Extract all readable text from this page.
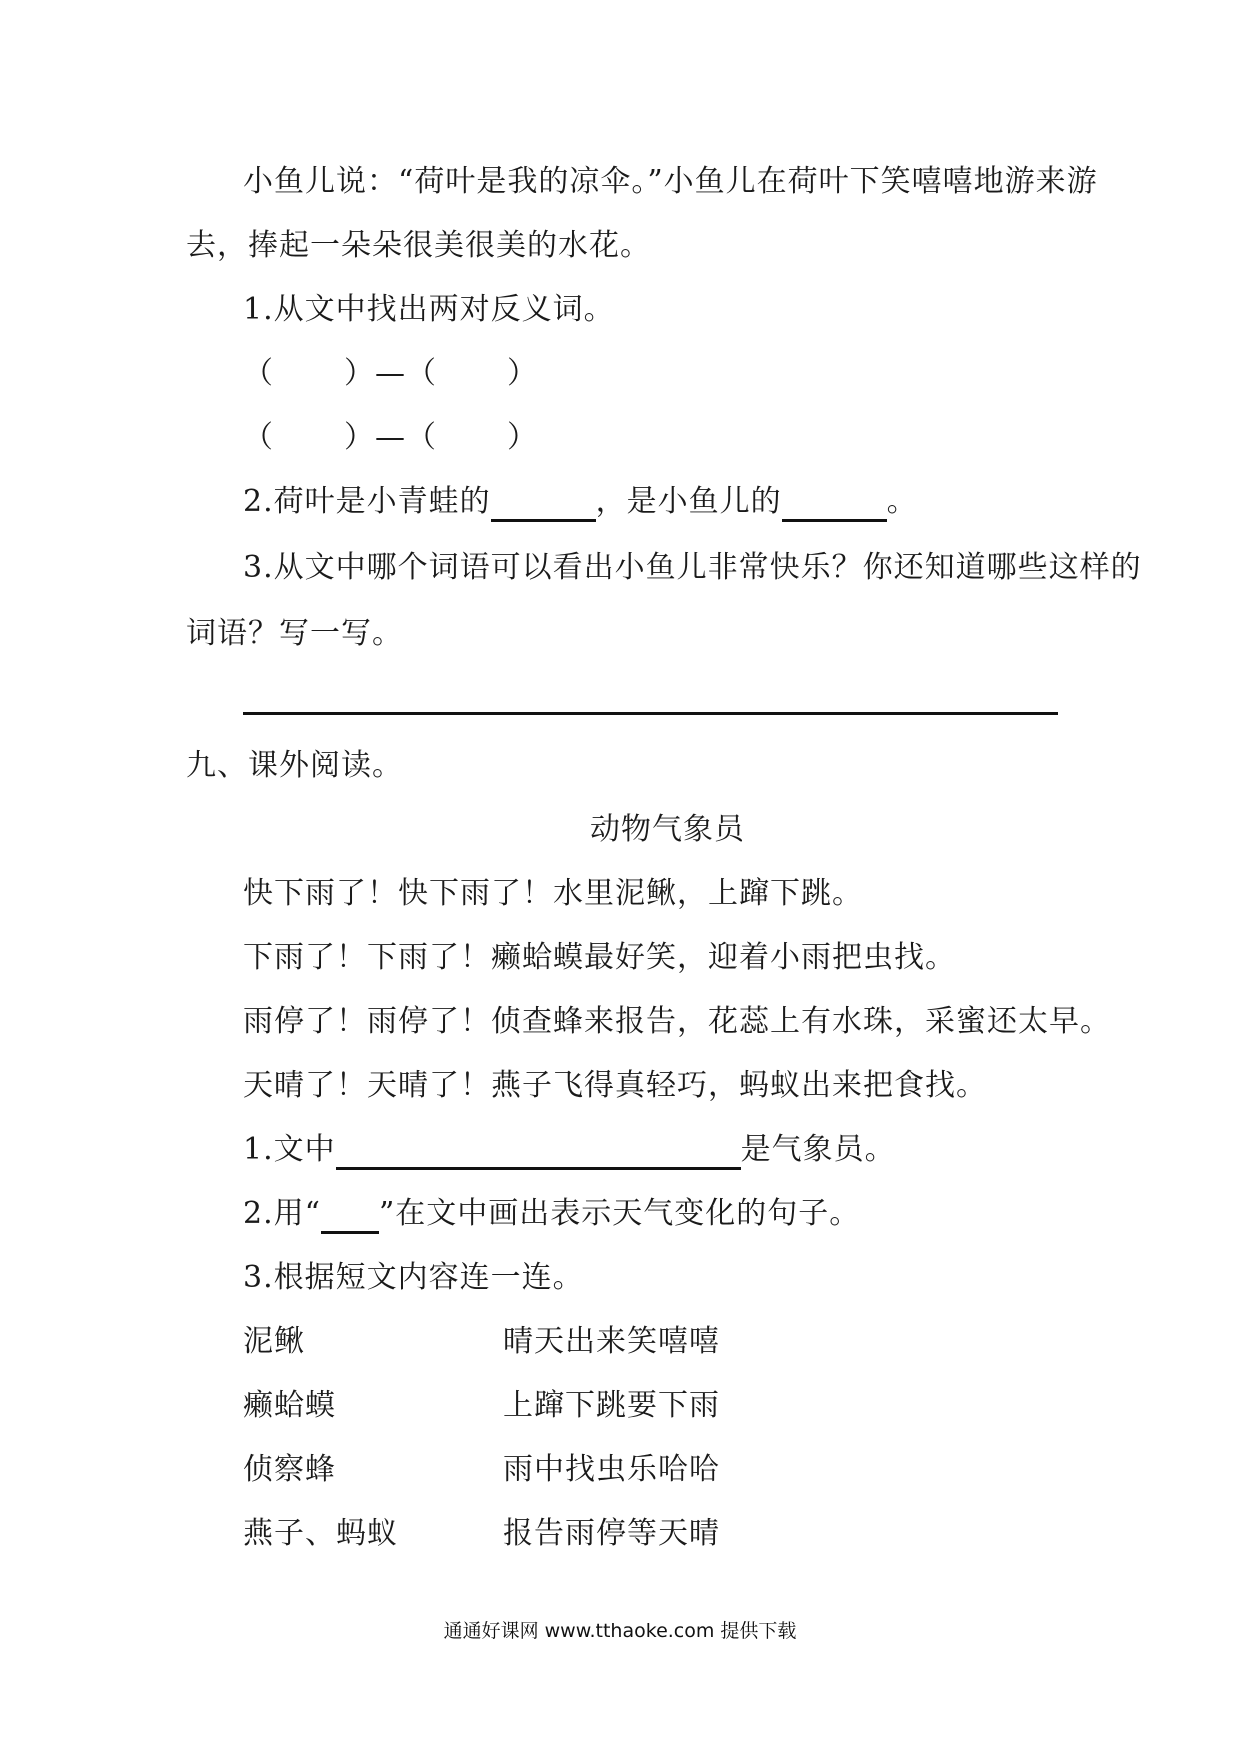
小鱼儿说：“荷叶是我的凉伞。”小鱼儿在荷叶下笑嘻嘻地游来游
去，捧起一朵朵很美很美的水花。
1.从文中找出两对反义词。
（ ）—（ ）
（ ）—（ ）
2.荷叶是小青蛙的	，是小鱼儿的	。
3.从文中哪个词语可以看出小鱼儿非常快乐？你还知道哪些这样的
词语？写一写。
九、课外阅读。
动物气象员
快下雨了！快下雨了！水里泥鳅，上蹿下跳。
下雨了！下雨了！癞蛤蟆最好笑，迎着小雨把虫找。
雨停了！雨停了！侦查蜂来报告，花蕊上有水珠，采蜜还太早。
天晴了！天晴了！燕子飞得真轻巧，蚂蚁出来把食找。
1.文中	是气象员。
2.用“ ”在文中画出表示天气变化的句子。
3.根据短文内容连一连。
泥鳅	晴天出来笑嘻嘻
癞蛤蟆	上蹿下跳要下雨
侦察蜂	雨中找虫乐哈哈
燕子、蚂蚁	报告雨停等天晴
通通好课网 www.tthaoke.com 提供下载
